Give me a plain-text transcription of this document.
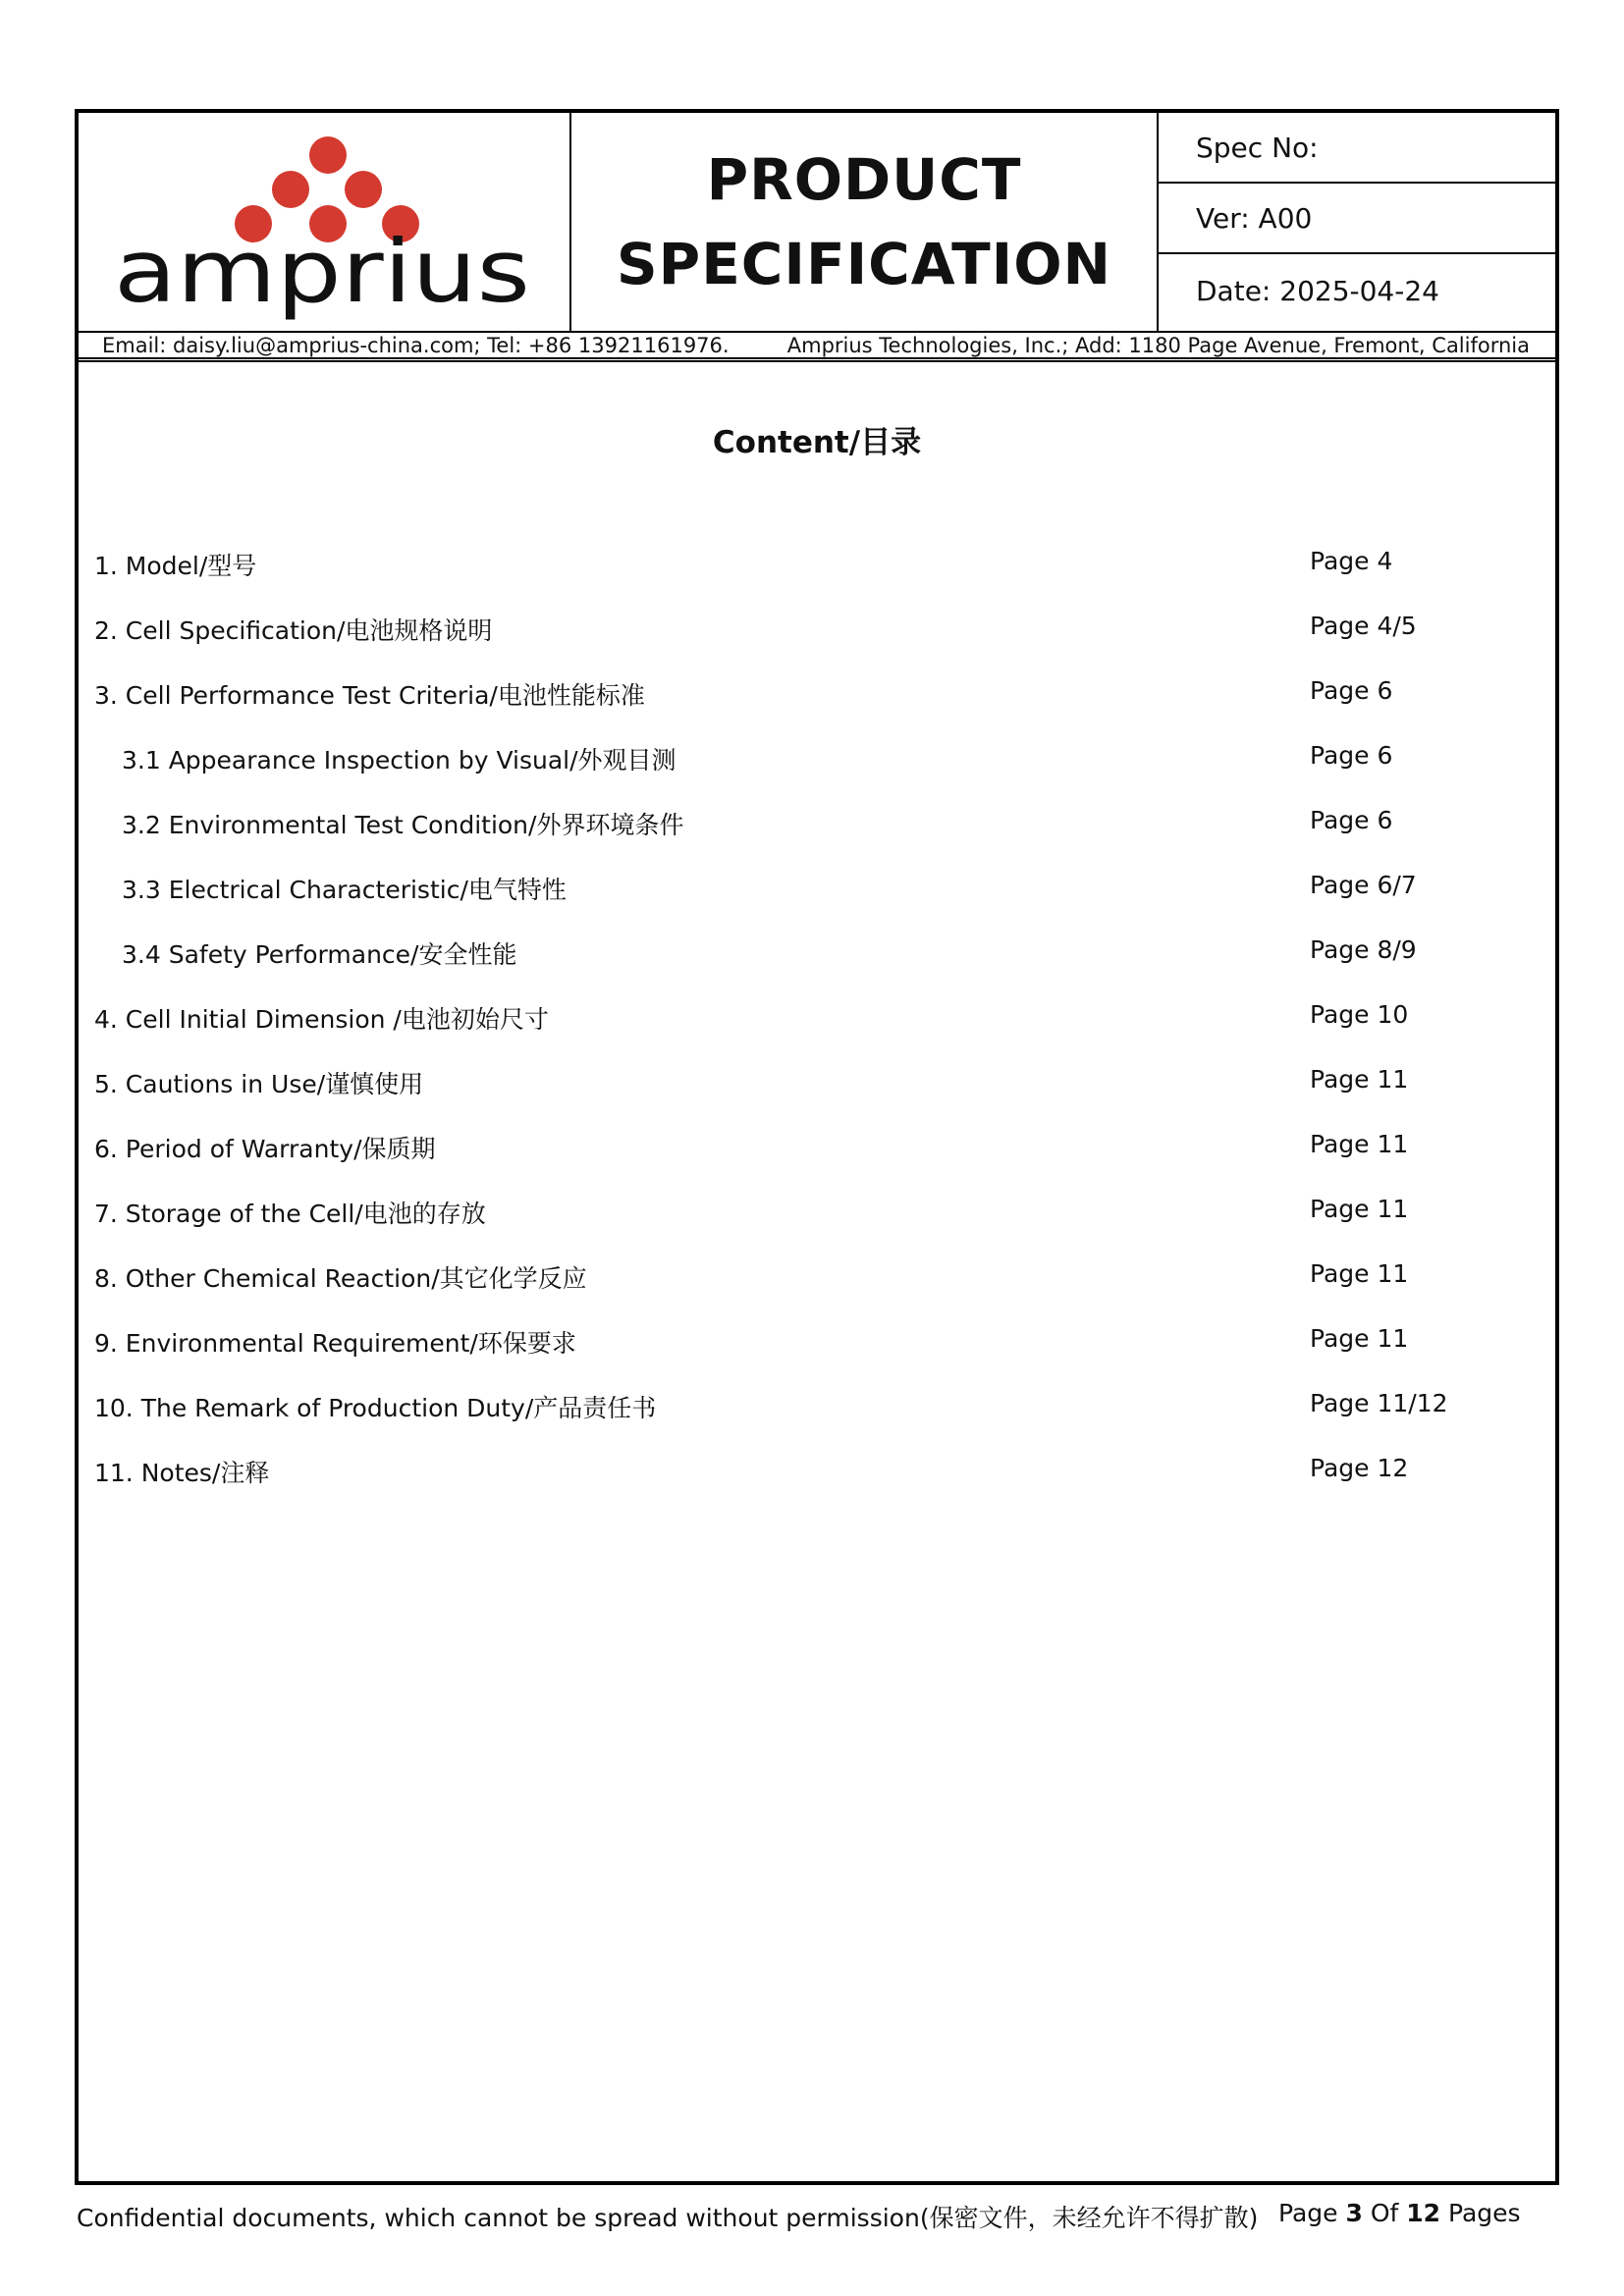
amprius
PRODUCT
SPECIFICATION
Spec No:
Ver: A00
Date: 2025-04-24
Email: daisy.liu@amprius-china.com; Tel: +86 13921161976.	Amprius Technologies, Inc.; Add: 1180 Page Avenue, Fremont, California
Content/目录
1. Model/型号	Page 4
2. Cell Specification/电池规格说明	Page 4/5
3. Cell Performance Test Criteria/电池性能标准	Page 6
3.1 Appearance Inspection by Visual/外观目测	Page 6
3.2 Environmental Test Condition/外界环境条件	Page 6
3.3 Electrical Characteristic/电气特性	Page 6/7
3.4 Safety Performance/安全性能	Page 8/9
4. Cell Initial Dimension /电池初始尺寸	Page 10
5. Cautions in Use/谨慎使用	Page 11
6. Period of Warranty/保质期	Page 11
7. Storage of the Cell/电池的存放	Page 11
8. Other Chemical Reaction/其它化学反应	Page 11
9. Environmental Requirement/环保要求	Page 11
10. The Remark of Production Duty/产品责任书	Page 11/12
11. Notes/注释	Page 12
Confidential documents, which cannot be spread without permission(保密文件，未经允许不得扩散) Page 3 Of 12 Pages
